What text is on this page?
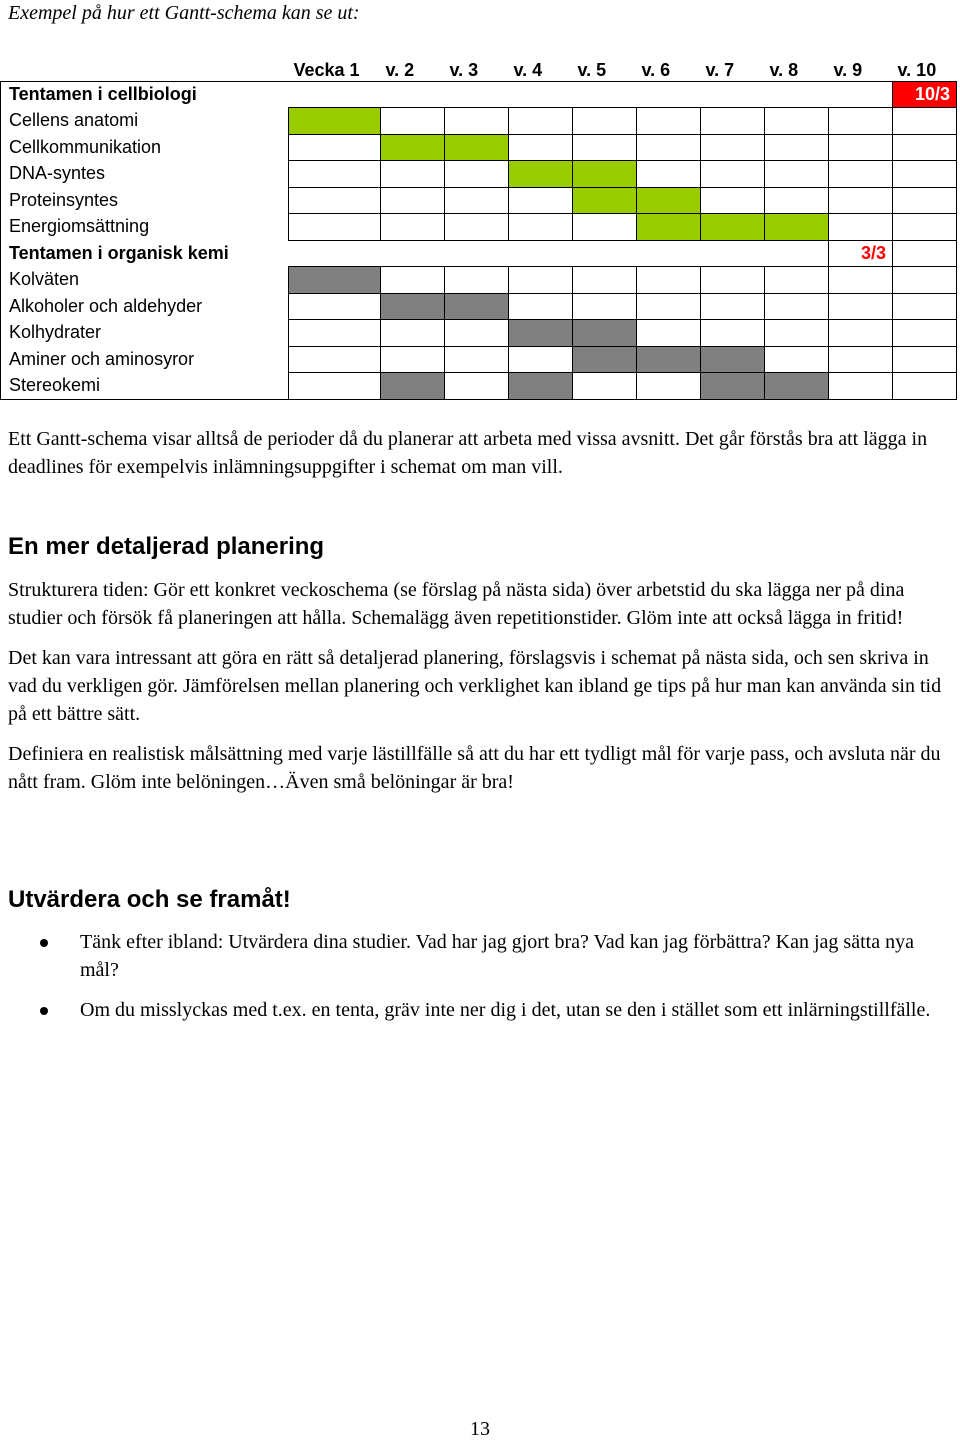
Exempel på hur ett Gantt-schema kan se ut:
	Vecka 1	v. 2	v. 3	v. 4	v. 5	v. 6	v. 7	v. 8	v. 9	v. 10
Tentamen i cellbiologi										10/3
Cellens anatomi										
Cellkommunikation										
DNA-syntes										
Proteinsyntes										
Energiomsättning										
Tentamen i organisk kemi									3/3	
Kolväten										
Alkoholer och aldehyder										
Kolhydrater										
Aminer och aminosyror										
Stereokemi										

Ett Gantt-schema visar alltså de perioder då du planerar att arbeta med vissa avsnitt. Det går förstås bra att lägga in deadlines för exempelvis inlämningsuppgifter i schemat om man vill.

En mer detaljerad planering

Strukturera tiden: Gör ett konkret veckoschema (se förslag på nästa sida) över arbetstid du ska lägga ner på dina studier och försök få planeringen att hålla. Schemalägg även repetitionstider. Glöm inte att också lägga in fritid!

Det kan vara intressant att göra en rätt så detaljerad planering, förslagsvis i schemat på nästa sida, och sen skriva in vad du verkligen gör. Jämförelsen mellan planering och verklighet kan ibland ge tips på hur man kan använda sin tid på ett bättre sätt.

Definiera en realistisk målsättning med varje lästillfälle så att du har ett tydligt mål för varje pass, och avsluta när du nått fram. Glöm inte belöningen…Även små belöningar är bra!

Utvärdera och se framåt!
Tänk efter ibland: Utvärdera dina studier. Vad har jag gjort bra? Vad kan jag förbättra? Kan jag sätta nya mål?
Om du misslyckas med t.ex. en tenta, gräv inte ner dig i det, utan se den i stället som ett inlärningstillfälle.
13
